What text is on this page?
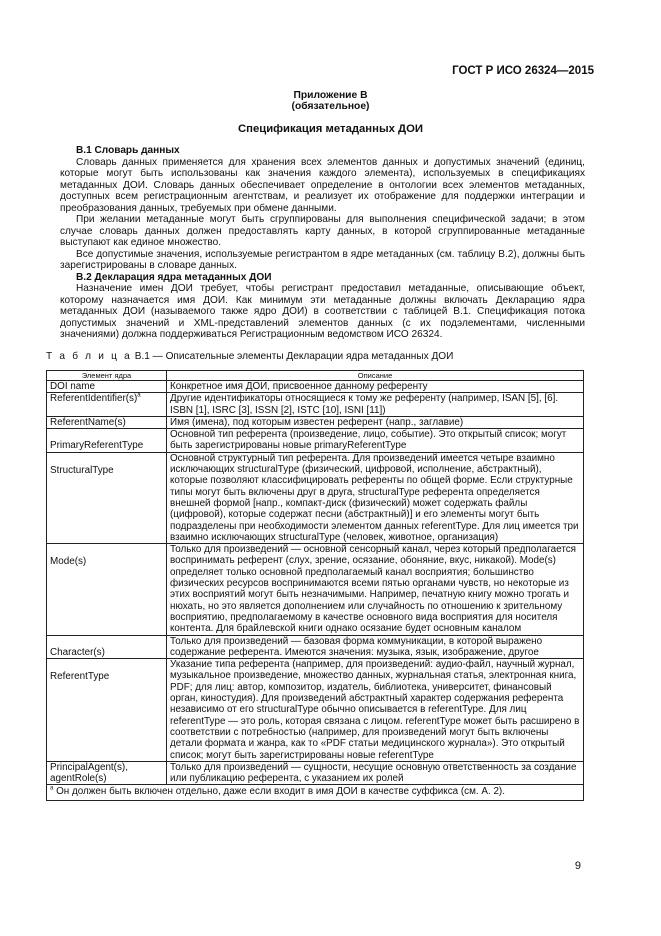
ГОСТ Р ИСО 26324—2015
Приложение В
(обязательное)
Спецификация метаданных ДОИ
В.1 Словарь данных

Словарь данных применяется для хранения всех элементов данных и допустимых значений (единиц, которые могут быть использованы как значения каждого элемента), используемых в спецификациях метаданных ДОИ. Словарь данных обеспечивает определение в онтологии всех элементов метаданных, доступных всем регистрационным агентствам, и реализует их отображение для поддержки интеграции и преобразования данных, требуемых при обмене данными.

При желании метаданные могут быть сгруппированы для выполнения специфической задачи; в этом случае словарь данных должен предоставлять карту данных, в которой сгруппированные метаданные выступают как единое множество.

Все допустимые значения, используемые регистрантом в ядре метаданных (см. таблицу В.2), должны быть зарегистрированы в словаре данных.

В.2 Декларация ядра метаданных ДОИ

Назначение имен ДОИ требует, чтобы регистрант предоставил метаданные, описывающие объект, которому назначается имя ДОИ. Как минимум эти метаданные должны включать Декларацию ядра метаданных ДОИ (называемого также ядро ДОИ) в соответствии с таблицей В.1. Спецификация потока допустимых значений и XML-представлений элементов данных (с их подэлементами, численными значениями) должна поддерживаться Регистрационным ведомством ИСО 26324.

Т а б л и ц а В.1 — Описательные элементы Декларации ядра метаданных ДОИ
Элемент ядра	Описание
DOI name	Конкретное имя ДОИ, присвоенное данному референту
$ReferentIdentifier(s)^а$	Другие идентификаторы относящиеся к тому же референту (например, ISAN [5], [6]. ISBN [1], ISRC [3], ISSN [2], ISTC [10], ISNI [11])
ReferentName(s)	Имя (имена), под которым известен референт (напр., заглавие)
PrimaryReferentType	Основной тип референта (произведение, лицо, событие). Это открытый список; могут быть зарегистрированы новые primaryReferentType
StructuralType	Основной структурный тип референта. Для произведений имеется четыре взаимно исключающих structuralType (физический, цифровой, исполнение, абстрактный), которые позволяют классифицировать референты по общей форме. Если структурные типы могут быть включены друг в друга, structuralType референта определяется внешней формой [напр., компакт-диск (физический) может содержать файлы (цифровой), которые содержат песни (абстрактный)] и его элементы могут быть подразделены при необходимости элементом данных referentType. Для лиц имеется три взаимно исключающих structuralType (человек, животное, организация)
Mode(s)	Только для произведений — основной сенсорный канал, через который предполагается воспринимать референт (слух, зрение, осязание, обоняние, вкус, никакой). Mode(s) определяет только основной предполагаемый канал восприятия; большинство физических ресурсов воспринимаются всеми пятью органами чувств, но некоторые из этих восприятий могут быть незначимыми. Например, печатную книгу можно трогать и нюхать, но это является дополнением или случайность по отношению к зрительному восприятию, предполагаемому в качестве основного вида восприятия для носителя контента. Для брайлевской книги однако осязание будет основным каналом
Character(s)	Только для произведений — базовая форма коммуникации, в которой выражено содержание референта. Имеются значения: музыка, язык, изображение, другое
ReferentType	Указание типа референта (например, для произведений: аудио-файл, научный журнал, музыкальное произведение, множество данных, журнальная статья, электронная книга, PDF; для лиц: автор, композитор, издатель, библиотека, университет, финансовый орган, киностудия). Для произведений абстрактный характер содержания референта независимо от его structuralType обычно описывается в referentType. Для лиц referentType — это роль, которая связана с лицом. referentType может быть расширено в соответствии с потребностью (например, для произведений могут быть включены детали формата и жанра, как то «PDF статьи медицинского журнала»). Это открытый список; могут быть зарегистрированы новые referentType
PrincipalAgent(s), agentRole(s)	Только для произведений — сущности, несущие основную ответственность за создание или публикацию референта, с указанием их ролей
$^а$ Он должен быть включен отдельно, даже если входит в имя ДОИ в качестве суффикса (см. А. 2).	
9
